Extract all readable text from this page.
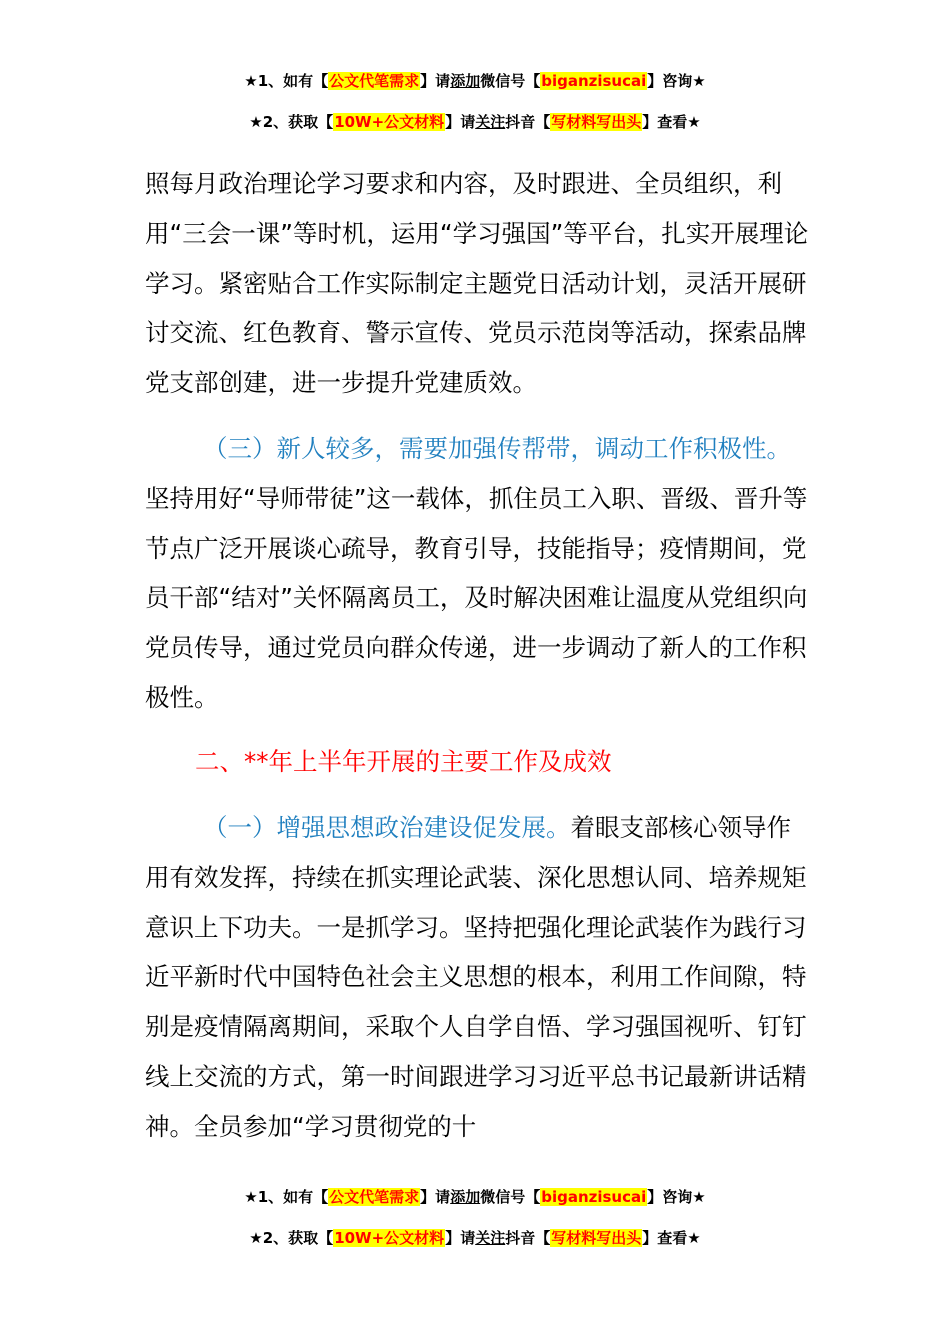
★1、如有【公文代笔需求】请添加微信号【biganzisucai】咨询★
★2、获取【10W+公文材料】请关注抖音【写材料写出头】查看★

照每月政治理论学习要求和内容，及时跟进、全员组织，利用“三会一课”等时机，运用“学习强国”等平台，扎实开展理论学习。紧密贴合工作实际制定主题党日活动计划，灵活开展研讨交流、红色教育、警示宣传、党员示范岗等活动，探索品牌党支部创建，进一步提升党建质效。

（三）新人较多，需要加强传帮带，调动工作积极性。坚持用好“导师带徒”这一载体，抓住员工入职、晋级、晋升等节点广泛开展谈心疏导，教育引导，技能指导；疫情期间，党员干部“结对”关怀隔离员工，及时解决困难让温度从党组织向党员传导，通过党员向群众传递，进一步调动了新人的工作积极性。

二、**年上半年开展的主要工作及成效

（一）增强思想政治建设促发展。着眼支部核心领导作用有效发挥，持续在抓实理论武装、深化思想认同、培养规矩意识上下功夫。一是抓学习。坚持把强化理论武装作为践行习近平新时代中国特色社会主义思想的根本，利用工作间隙，特别是疫情隔离期间，采取个人自学自悟、学习强国视听、钉钉线上交流的方式，第一时间跟进学习习近平总书记最新讲话精神。全员参加“学习贯彻党的十

★1、如有【公文代笔需求】请添加微信号【biganzisucai】咨询★
★2、获取【10W+公文材料】请关注抖音【写材料写出头】查看★
